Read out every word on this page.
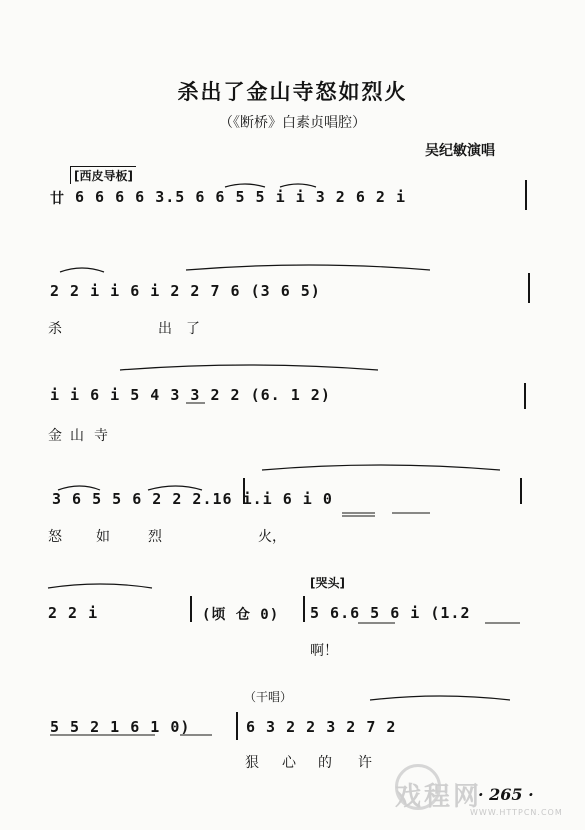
杀出了金山寺怒如烈火
（《断桥》白素贞唱腔）
吴纪敏演唱
[西皮导板]
廿 6 6 6 6 3.5 6 6 5 5 i i 3 2 6 2 i
2 2 i i 6 i 2 2 7 6 (3 6 5)
杀	出 了
i i 6 i 5 4 3 3 2 2 (6. 1 2)
金 山 寺
3 6 5 5 6 2 2 2.16 i.i 6 i 0
怒 如	烈	火，
[哭头]
2 2 i	(顷 仓 0) 5 6.6 5 6 i (1.2
啊！
（干唱）
5 5 2 1 6 1 0)	6 3 2 2 3 2 7 2
狠 心 的 许
戏程网
WWW.HTTPCN.COM
· 265 ·
